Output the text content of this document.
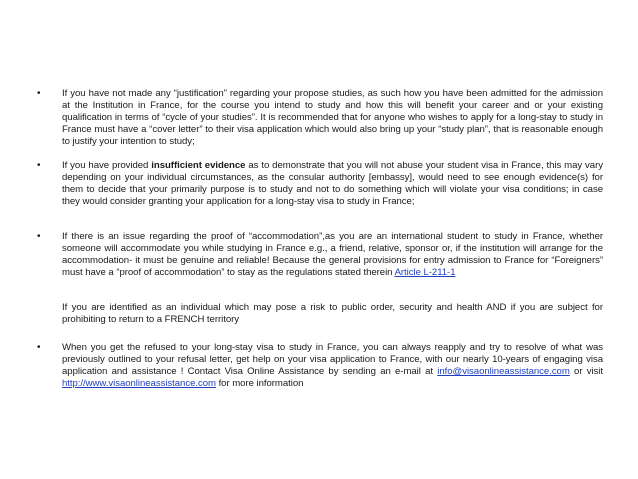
• If you have not made any “justification” regarding your propose studies, as such how you have been admitted for the admission at the Institution in France, for the course you intend to study and how this will benefit your career and or your existing qualification in terms of “cycle of your studies”. It is recommended that for anyone who wishes to apply for a long-stay to study in France must have a “cover letter” to their visa application which would also bring up your “study plan”, that is reasonable enough to justify your intention to study;
• If you have provided insufficient evidence as to demonstrate that you will not abuse your student visa in France, this may vary depending on your individual circumstances, as the consular authority [embassy], would need to see enough evidence(s) for them to decide that your primarily purpose is to study and not to do something which will violate your visa conditions; in case they would consider granting your application for a long-stay visa to study in France;
• If there is an issue regarding the proof of “accommodation”,as you are an international student to study in France, whether someone will accommodate you while studying in France e.g., a friend, relative, sponsor or, if the institution will arrange for the accommodation- it must be genuine and reliable! Because the general provisions for entry admission to France for “Foreigners” must have a “proof of accommodation” to stay as the regulations stated therein Article L-211-1
If you are identified as an individual which may pose a risk to public order, security and health AND if you are subject for prohibiting to return to a FRENCH territory
• When you get the refused to your long-stay visa to study in France, you can always reapply and try to resolve of what was previously outlined to your refusal letter, get help on your visa application to France, with our nearly 10-years of engaging visa application and assistance ! Contact Visa Online Assistance by sending an e-mail at info@visaonlineassistance.com or visit http://www.visaonlineassistance.com for more information
